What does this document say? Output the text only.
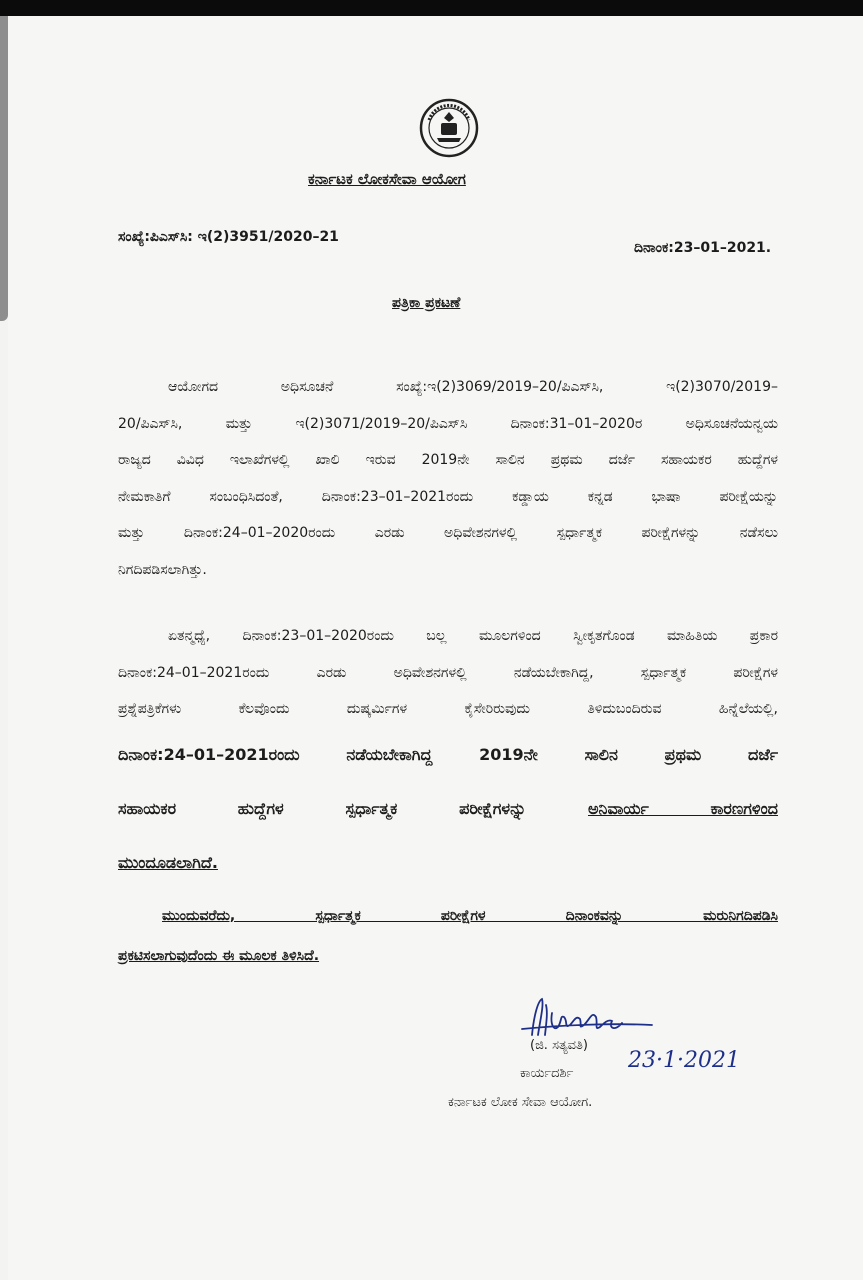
ಕರ್ನಾಟಕ ಲೋಕಸೇವಾ ಆಯೋಗ
ಸಂಖ್ಯೆ:ಪಿಎಸ್‌ಸಿ: ಇ(2)3951/2020–21
ದಿನಾಂಕ:23–01–2021.
ಪತ್ರಿಕಾ ಪ್ರಕಟಣೆ
ಆಯೋಗದ ಅಧಿಸೂಚನೆ ಸಂಖ್ಯೆ:ಇ(2)3069/2019–20/ಪಿಎಸ್‌ಸಿ, ಇ(2)3070/2019–
20/ಪಿಎಸ್‌ಸಿ, ಮತ್ತು ಇ(2)3071/2019–20/ಪಿಎಸ್‌ಸಿ ದಿನಾಂಕ:31–01–2020ರ ಅಧಿಸೂಚನೆಯನ್ವಯ
ರಾಜ್ಯದ ವಿವಿಧ ಇಲಾಖೆಗಳಲ್ಲಿ ಖಾಲಿ ಇರುವ 2019ನೇ ಸಾಲಿನ ಪ್ರಥಮ ದರ್ಜೆ ಸಹಾಯಕರ ಹುದ್ದೆಗಳ
ನೇಮಕಾತಿಗೆ ಸಂಬಂಧಿಸಿದಂತೆ, ದಿನಾಂಕ:23–01–2021ರಂದು ಕಡ್ಡಾಯ ಕನ್ನಡ ಭಾಷಾ ಪರೀಕ್ಷೆಯನ್ನು
ಮತ್ತು ದಿನಾಂಕ:24–01–2020ರಂದು ಎರಡು ಅಧಿವೇಶನಗಳಲ್ಲಿ ಸ್ಪರ್ಧಾತ್ಮಕ ಪರೀಕ್ಷೆಗಳನ್ನು ನಡೆಸಲು
ನಿಗದಿಪಡಿಸಲಾಗಿತ್ತು.
ಏತನ್ಮಧ್ಯೆ, ದಿನಾಂಕ:23–01–2020ರಂದು ಬಲ್ಲ ಮೂಲಗಳಿಂದ ಸ್ವೀಕೃತಗೊಂಡ ಮಾಹಿತಿಯ ಪ್ರಕಾರ
ದಿನಾಂಕ:24–01–2021ರಂದು ಎರಡು ಅಧಿವೇಶನಗಳಲ್ಲಿ ನಡೆಯಬೇಕಾಗಿದ್ದ, ಸ್ಪರ್ಧಾತ್ಮಕ ಪರೀಕ್ಷೆಗಳ
ಪ್ರಶ್ನೆಪತ್ರಿಕೆಗಳು ಕೆಲವೊಂದು ದುಷ್ಕರ್ಮಿಗಳ ಕೈಸೇರಿರುವುದು ತಿಳಿದುಬಂದಿರುವ ಹಿನ್ನೆಲೆಯಲ್ಲಿ,
ದಿನಾಂಕ:24–01–2021ರಂದು ನಡೆಯಬೇಕಾಗಿದ್ದ 2019ನೇ ಸಾಲಿನ ಪ್ರಥಮ ದರ್ಜೆ
ಸಹಾಯಕರ ಹುದ್ದೆಗಳ ಸ್ಪರ್ಧಾತ್ಮಕ ಪರೀಕ್ಷೆಗಳನ್ನು	ಅನಿವಾರ್ಯ ಕಾರಣಗಳಿಂದ
ಮುಂದೂಡಲಾಗಿದೆ.
ಮುಂದುವರೆದು, ಸ್ಪರ್ಧಾತ್ಮಕ ಪರೀಕ್ಷೆಗಳ ದಿನಾಂಕವನ್ನು ಮರುನಿಗದಿಪಡಿಸಿ
ಪ್ರಕಟಿಸಲಾಗುವುದೆಂದು ಈ ಮೂಲಕ ತಿಳಿಸಿದೆ.
(ಜಿ. ಸತ್ಯವತಿ)
23·1·2021
ಕಾರ್ಯದರ್ಶಿ
ಕರ್ನಾಟಕ ಲೋಕ ಸೇವಾ ಆಯೋಗ.
